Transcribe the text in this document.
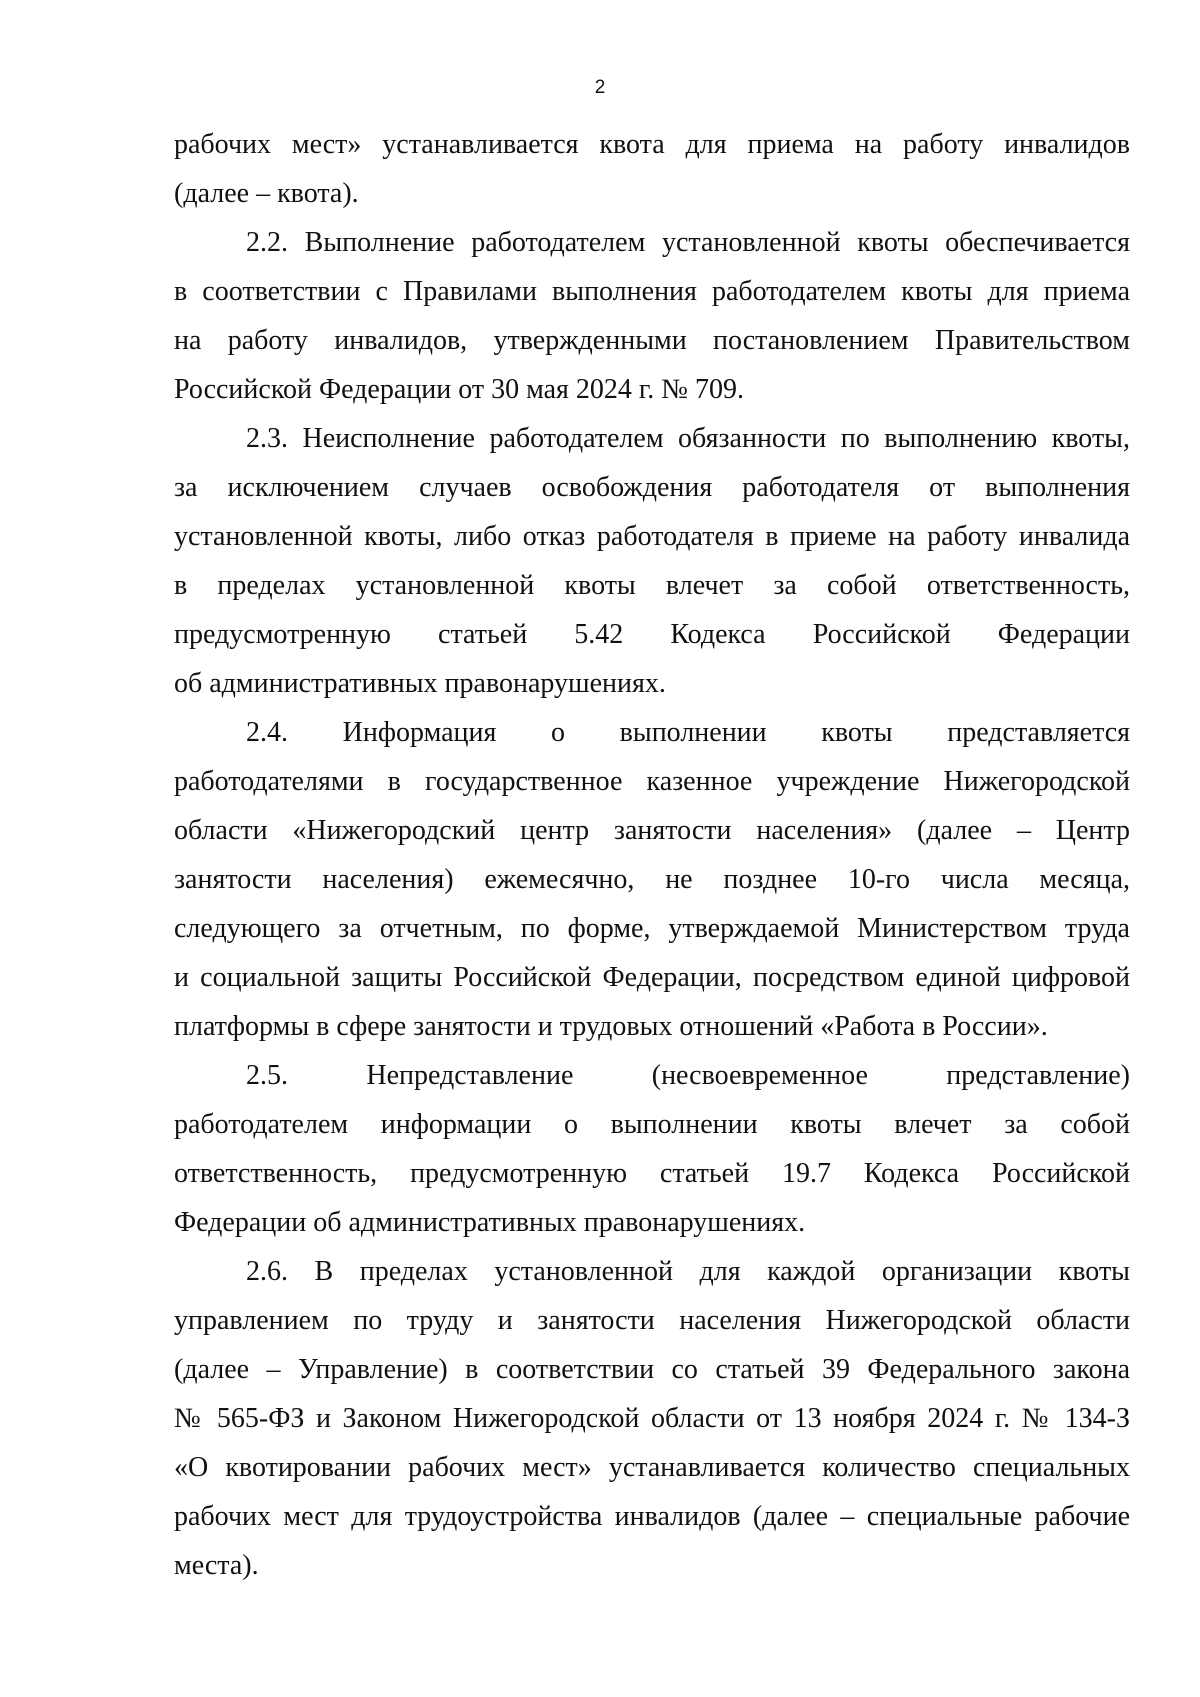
2
рабочих мест» устанавливается квота для приема на работу инвалидов
(далее – квота).
2.2. Выполнение работодателем установленной квоты обеспечивается
в соответствии с Правилами выполнения работодателем квоты для приема
на работу инвалидов, утвержденными постановлением Правительством
Российской Федерации от 30 мая 2024 г. № 709.
2.3. Неисполнение работодателем обязанности по выполнению квоты,
за исключением случаев освобождения работодателя от выполнения
установленной квоты, либо отказ работодателя в приеме на работу инвалида
в пределах установленной квоты влечет за собой ответственность,
предусмотренную статьей 5.42 Кодекса Российской Федерации
об административных правонарушениях.
2.4. Информация о выполнении квоты представляется
работодателями в государственное казенное учреждение Нижегородской
области «Нижегородский центр занятости населения» (далее – Центр
занятости населения) ежемесячно, не позднее 10-го числа месяца,
следующего за отчетным, по форме, утверждаемой Министерством труда
и социальной защиты Российской Федерации, посредством единой цифровой
платформы в сфере занятости и трудовых отношений «Работа в России».
2.5. Непредставление (несвоевременное представление)
работодателем информации о выполнении квоты влечет за собой
ответственность, предусмотренную статьей 19.7 Кодекса Российской
Федерации об административных правонарушениях.
2.6. В пределах установленной для каждой организации квоты
управлением по труду и занятости населения Нижегородской области
(далее – Управление) в соответствии со статьей 39 Федерального закона
№ 565-ФЗ и Законом Нижегородской области от 13 ноября 2024 г. № 134-З
«О квотировании рабочих мест» устанавливается количество специальных
рабочих мест для трудоустройства инвалидов (далее – специальные рабочие
места).
